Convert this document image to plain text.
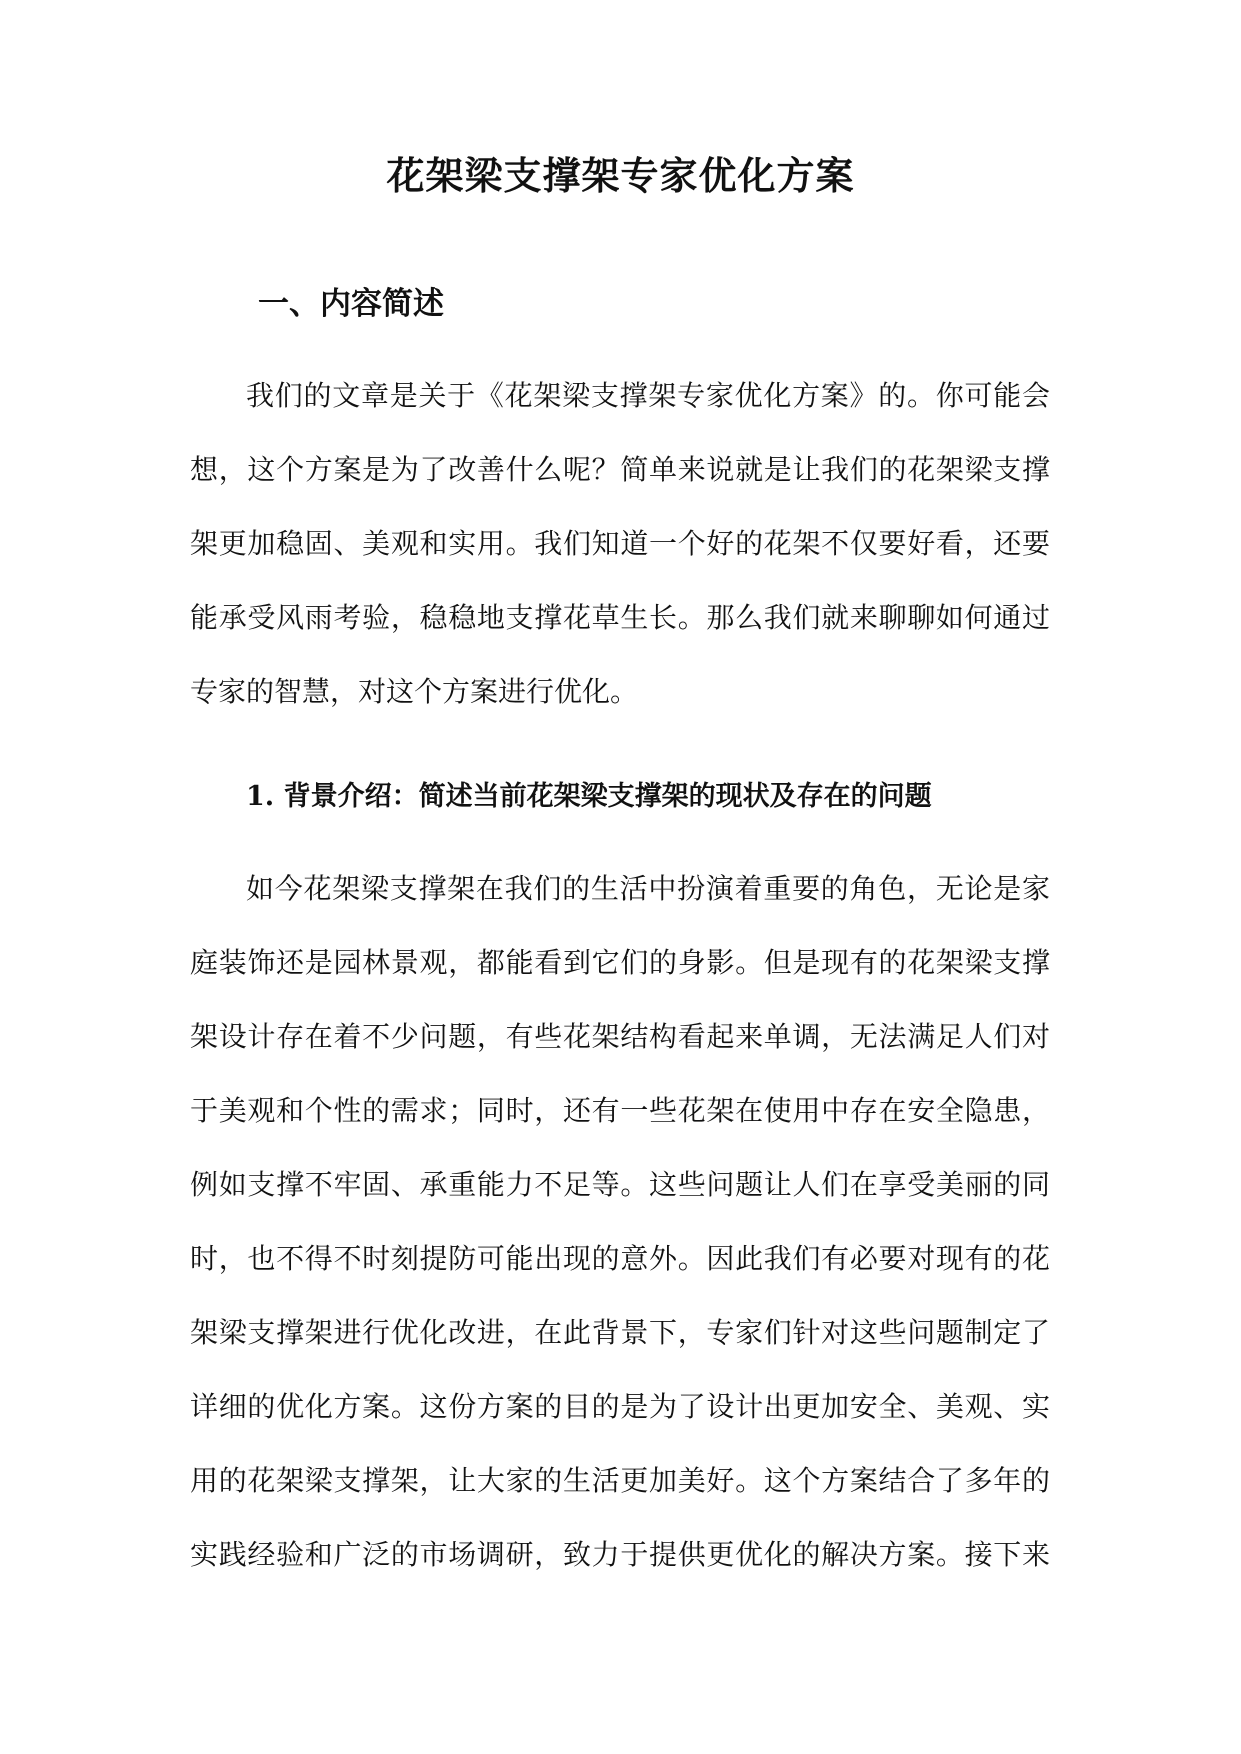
花架梁支撑架专家优化方案
一、内容简述
我们的文章是关于《花架梁支撑架专家优化方案》的。你可能会
想，这个方案是为了改善什么呢？简单来说就是让我们的花架梁支撑
架更加稳固、美观和实用。我们知道一个好的花架不仅要好看，还要
能承受风雨考验，稳稳地支撑花草生长。那么我们就来聊聊如何通过
专家的智慧，对这个方案进行优化。
1. 背景介绍：简述当前花架梁支撑架的现状及存在的问题
如今花架梁支撑架在我们的生活中扮演着重要的角色，无论是家
庭装饰还是园林景观，都能看到它们的身影。但是现有的花架梁支撑
架设计存在着不少问题，有些花架结构看起来单调，无法满足人们对
于美观和个性的需求；同时，还有一些花架在使用中存在安全隐患，
例如支撑不牢固、承重能力不足等。这些问题让人们在享受美丽的同
时，也不得不时刻提防可能出现的意外。因此我们有必要对现有的花
架梁支撑架进行优化改进，在此背景下，专家们针对这些问题制定了
详细的优化方案。这份方案的目的是为了设计出更加安全、美观、实
用的花架梁支撑架，让大家的生活更加美好。这个方案结合了多年的
实践经验和广泛的市场调研，致力于提供更优化的解决方案。接下来
